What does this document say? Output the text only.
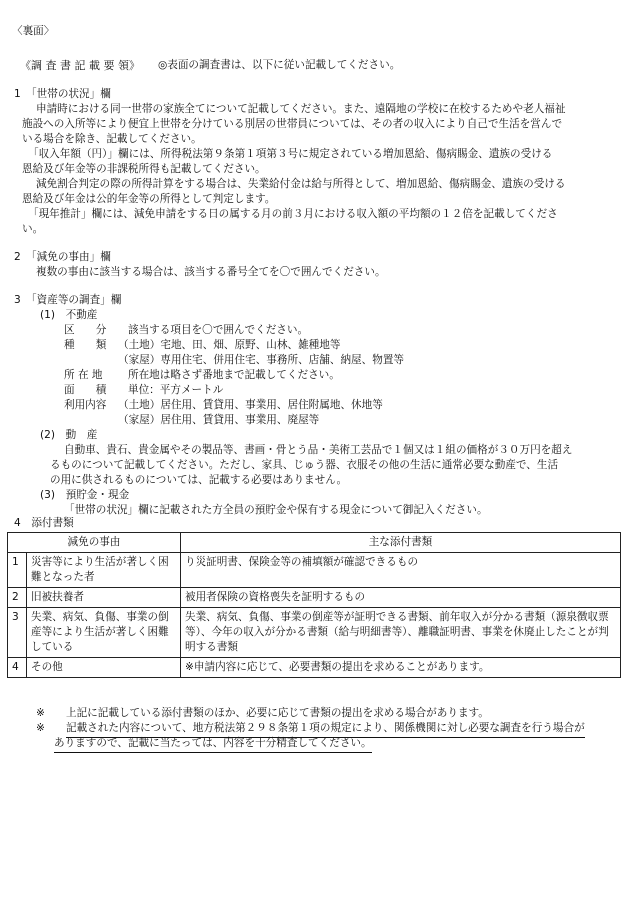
〈裏面〉
《調 査 書 記 載 要 領》 ◎表面の調査書は、以下に従い記載してください。
1　「世帯の状況」欄
申請時における同一世帯の家族全てについて記載してください。また、遠隔地の学校に在校するためや老人福祉
施設への入所等により便宜上世帯を分けている別居の世帯員については、その者の収入により自己で生活を営んで
いる場合を除き、記載してください。
「収入年額（円）」欄には、所得税法第９条第１項第３号に規定されている増加恩給、傷病賜金、遺族の受ける
恩給及び年金等の非課税所得も記載してください。
減免割合判定の際の所得計算をする場合は、失業給付金は給与所得として、増加恩給、傷病賜金、遺族の受ける
恩給及び年金は公的年金等の所得として判定します。
「現年推計」欄には、減免申請をする日の属する月の前３月における収入額の平均額の１２倍を記載してくださ
い。
2　「減免の事由」欄
複数の事由に該当する場合は、該当する番号全てを〇で囲んでください。
3　「資産等の調査」欄
(1)　不動産
区　　分 該当する項目を〇で囲んでください。
種　　類 （土地）宅地、田、畑、原野、山林、雑種地等
（家屋）専用住宅、併用住宅、事務所、店舗、納屋、物置等
所 在 地 所在地は略さず番地まで記載してください。
面　　積 単位：平方メートル
利用内容 （土地）居住用、賃貸用、事業用、居住附属地、休地等
（家屋）居住用、賃貸用、事業用、廃屋等
(2)　動　産
自動車、貴石、貴金属やその製品等、書画・骨とう品・美術工芸品で１個又は１組の価格が３０万円を超え
るものについて記載してください。ただし、家具、じゅう器、衣服その他の生活に通常必要な動産で、生活
の用に供されるものについては、記載する必要はありません。
(3)　預貯金・現金
「世帯の状況」欄に記載された方全員の預貯金や保有する現金について御記入ください。
4　添付書類
減免の事由		主な添付書類
1	災害等により生活が著しく困難となった者	り災証明書、保険金等の補填額が確認できるもの
2	旧被扶養者	被用者保険の資格喪失を証明するもの
3	失業、病気、負傷、事業の倒産等により生活が著しく困難している	失業、病気、負傷、事業の倒産等が証明できる書類、前年収入が分かる書類（源泉徴収票等）、今年の収入が分かる書類（給与明細書等）、離職証明書、事業を休廃止したことが判明する書類
4	その他	※申請内容に応じて、必要書類の提出を求めることがあります。
※ 上記に記載している添付書類のほか、必要に応じて書類の提出を求める場合があります。
※ 記載された内容について、地方税法第２９８条第１項の規定により、関係機関に対し必要な調査を行う場合が
ありますので、記載に当たっては、内容を十分精査してください。
